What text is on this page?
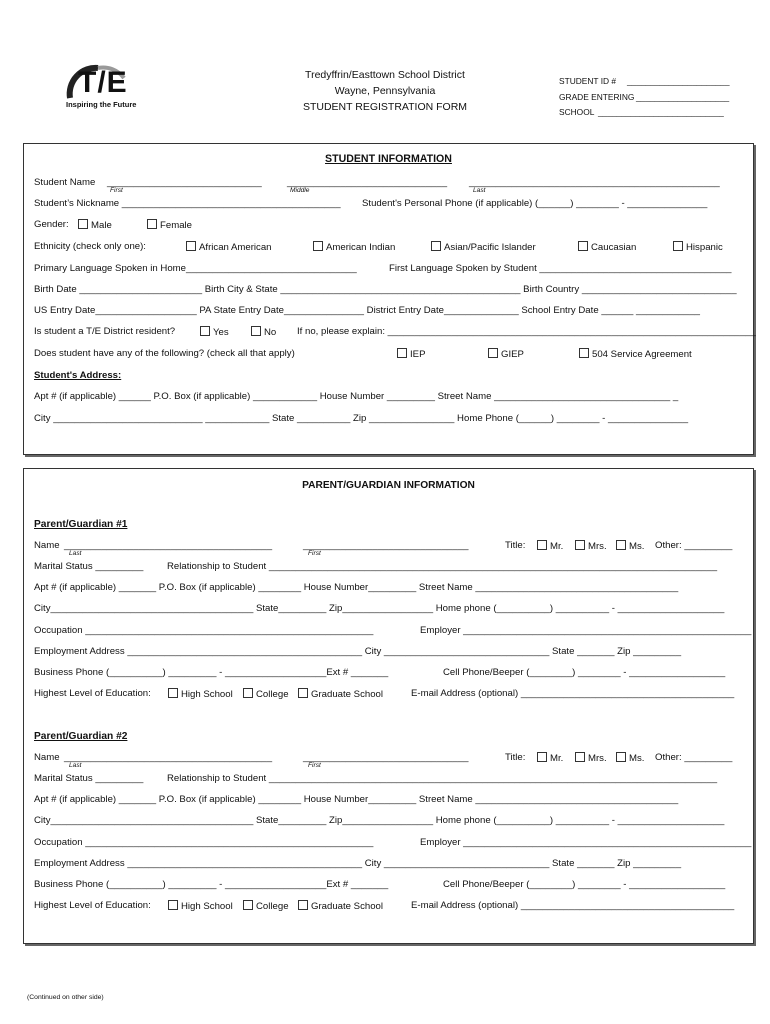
T/E
Inspiring the Future
Tredyffrin/Easttown School District
Wayne, Pennsylvania
STUDENT REGISTRATION FORM
STUDENT ID # ______________________
GRADE ENTERING ____________________
SCHOOL ___________________________
STUDENT INFORMATION
Student Name _____________________________	______________________________ _______________________________________________
First	Middle	Last
Student’s Nickname _________________________________________ Student's Personal Phone (if applicable) (______) ________ - _______________
Gender:	Male	Female
Ethnicity (check only one):	African American	American Indian	Asian/Pacific Islander	Caucasian	Hispanic
Primary Language Spoken in Home________________________________	First Language Spoken by Student ____________________________________
Birth Date _______________________ Birth City & State _____________________________________________ Birth Country _____________________________
US Entry Date___________________ PA State Entry Date_______________ District Entry Date______________ School Entry Date ______ ____________
Is student a T/E District resident?	Yes	No If no, please explain: _____________________________________________________________________
Does student have any of the following? (check all that apply)	IEP	GIEP	504 Service Agreement
Student's Address:
Apt # (if applicable) ______ P.O. Box (if applicable) ____________ House Number _________ Street Name _________________________________ _
City ____________________________ ____________ State __________ Zip ________________ Home Phone (______) ________ - _______________
PARENT/GUARDIAN INFORMATION
Parent/Guardian #1
Name _______________________________________	_______________________________
Last	First
Title:	Mr.	Mrs.	Ms. Other: _________
Marital Status _________ Relationship to Student ____________________________________________________________________________________
Apt # (if applicable) _______ P.O. Box (if applicable) ________ House Number_________ Street Name ______________________________________
City______________________________________ State_________ Zip_________________ Home phone (__________) __________ - ____________________
Occupation ______________________________________________________	Employer ______________________________________________________
Employment Address ____________________________________________ City _______________________________ State _______ Zip _________
Business Phone (__________) _________ - ___________________Ext # _______	Cell Phone/Beeper (________) ________ - __________________
Highest Level of Education:	High School	College	Graduate School	E-mail Address (optional) ________________________________________
Parent/Guardian #2
Name _______________________________________	_______________________________
Last	First
Title:	Mr.	Mrs.	Ms. Other: _________
Marital Status _________ Relationship to Student ____________________________________________________________________________________
Apt # (if applicable) _______ P.O. Box (if applicable) ________ House Number_________ Street Name ______________________________________
City______________________________________ State_________ Zip_________________ Home phone (__________) __________ - ____________________
Occupation ______________________________________________________	Employer ______________________________________________________
Employment Address ____________________________________________ City _______________________________ State _______ Zip _________
Business Phone (__________) _________ - ___________________Ext # _______	Cell Phone/Beeper (________) ________ - __________________
Highest Level of Education:	High School	College	Graduate School	E-mail Address (optional) ________________________________________
(Continued on other side)
